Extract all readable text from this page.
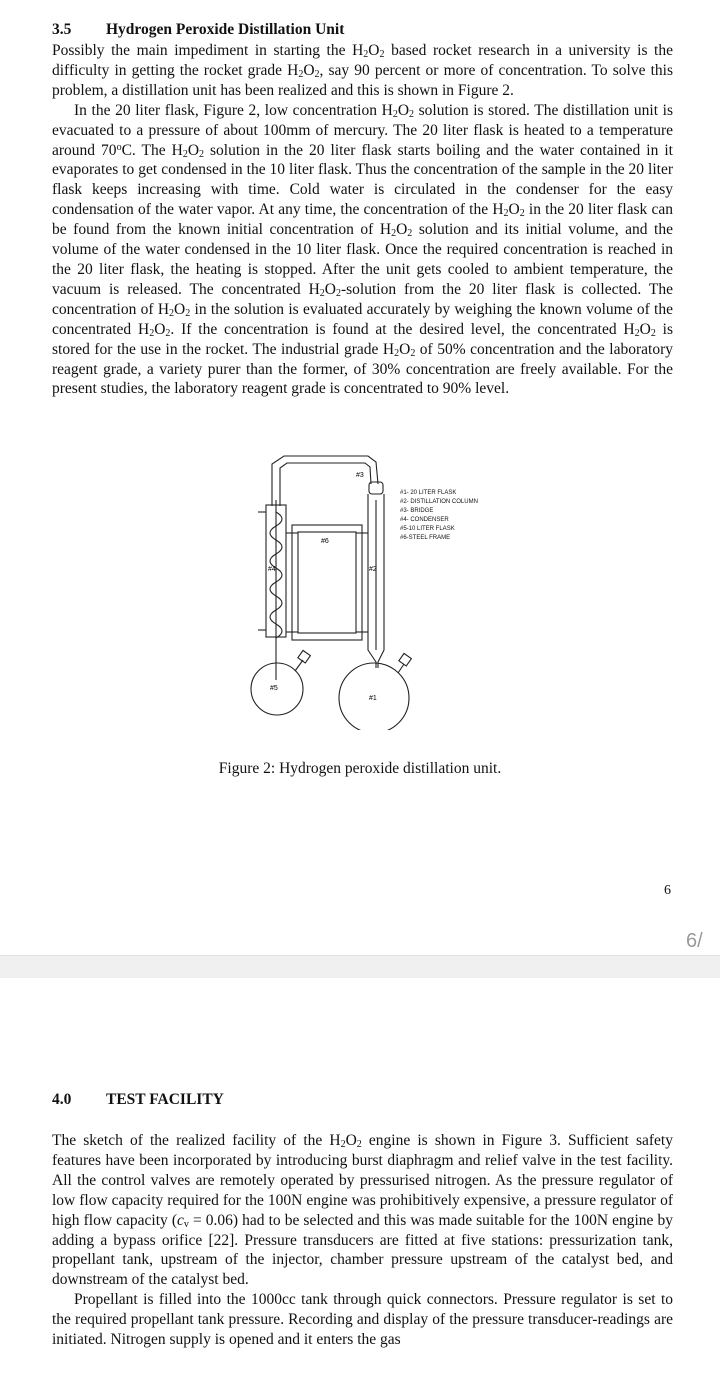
3.5 Hydrogen Peroxide Distillation Unit

Possibly the main impediment in starting the $H_2O_2$ based rocket research in a university is the difficulty in getting the rocket grade $H_2O_2$, say 90 percent or more of concentration. To solve this problem, a distillation unit has been realized and this is shown in Figure 2.

In the 20 liter flask, Figure 2, low concentration $H_2O_2$ solution is stored. The distillation unit is evacuated to a pressure of about 100mm of mercury. The 20 liter flask is heated to a temperature around 70$^o$C. The $H_2O_2$ solution in the 20 liter flask starts boiling and the water contained in it evaporates to get condensed in the 10 liter flask. Thus the concentration of the sample in the 20 liter flask keeps increasing with time. Cold water is circulated in the condenser for the easy condensation of the water vapor. At any time, the concentration of the $H_2O_2$ in the 20 liter flask can be found from the known initial concentration of $H_2O_2$ solution and its initial volume, and the volume of the water condensed in the 10 liter flask. Once the required concentration is reached in the 20 liter flask, the heating is stopped. After the unit gets cooled to ambient temperature, the vacuum is released. The concentrated $H_2O_2$-solution from the 20 liter flask is collected. The concentration of $H_2O_2$ in the solution is evaluated accurately by weighing the known volume of the concentrated $H_2O_2$. If the concentration is found at the desired level, the concentrated $H_2O_2$ is stored for the use in the rocket. The industrial grade $H_2O_2$ of 50% concentration and the laboratory reagent grade, a variety purer than the former, of 30% concentration are freely available. For the present studies, the laboratory reagent grade is concentrated to 90% level.

#3
#6
#2
#4
#5
#1
#1- 20 LITER FLASK
#2- DISTILLATION COLUMN
#3- BRIDGE
#4- CONDENSER
#5-10 LITER FLASK
#6-STEEL FRAME
Figure 2: Hydrogen peroxide distillation unit.
6
6/
4.0 TEST FACILITY

The sketch of the realized facility of the $H_2O_2$ engine is shown in Figure 3. Sufficient safety features have been incorporated by introducing burst diaphragm and relief valve in the test facility. All the control valves are remotely operated by pressurised nitrogen. As the pressure regulator of low flow capacity required for the 100N engine was prohibitively expensive, a pressure regulator of high flow capacity $(c_v = 0.06)$ had to be selected and this was made suitable for the 100N engine by adding a bypass orifice [22]. Pressure transducers are fitted at five stations: pressurization tank, propellant tank, upstream of the injector, chamber pressure upstream of the catalyst bed, and downstream of the catalyst bed.

Propellant is filled into the 1000cc tank through quick connectors. Pressure regulator is set to the required propellant tank pressure. Recording and display of the pressure transducer-readings are initiated. Nitrogen supply is opened and it enters the gas
